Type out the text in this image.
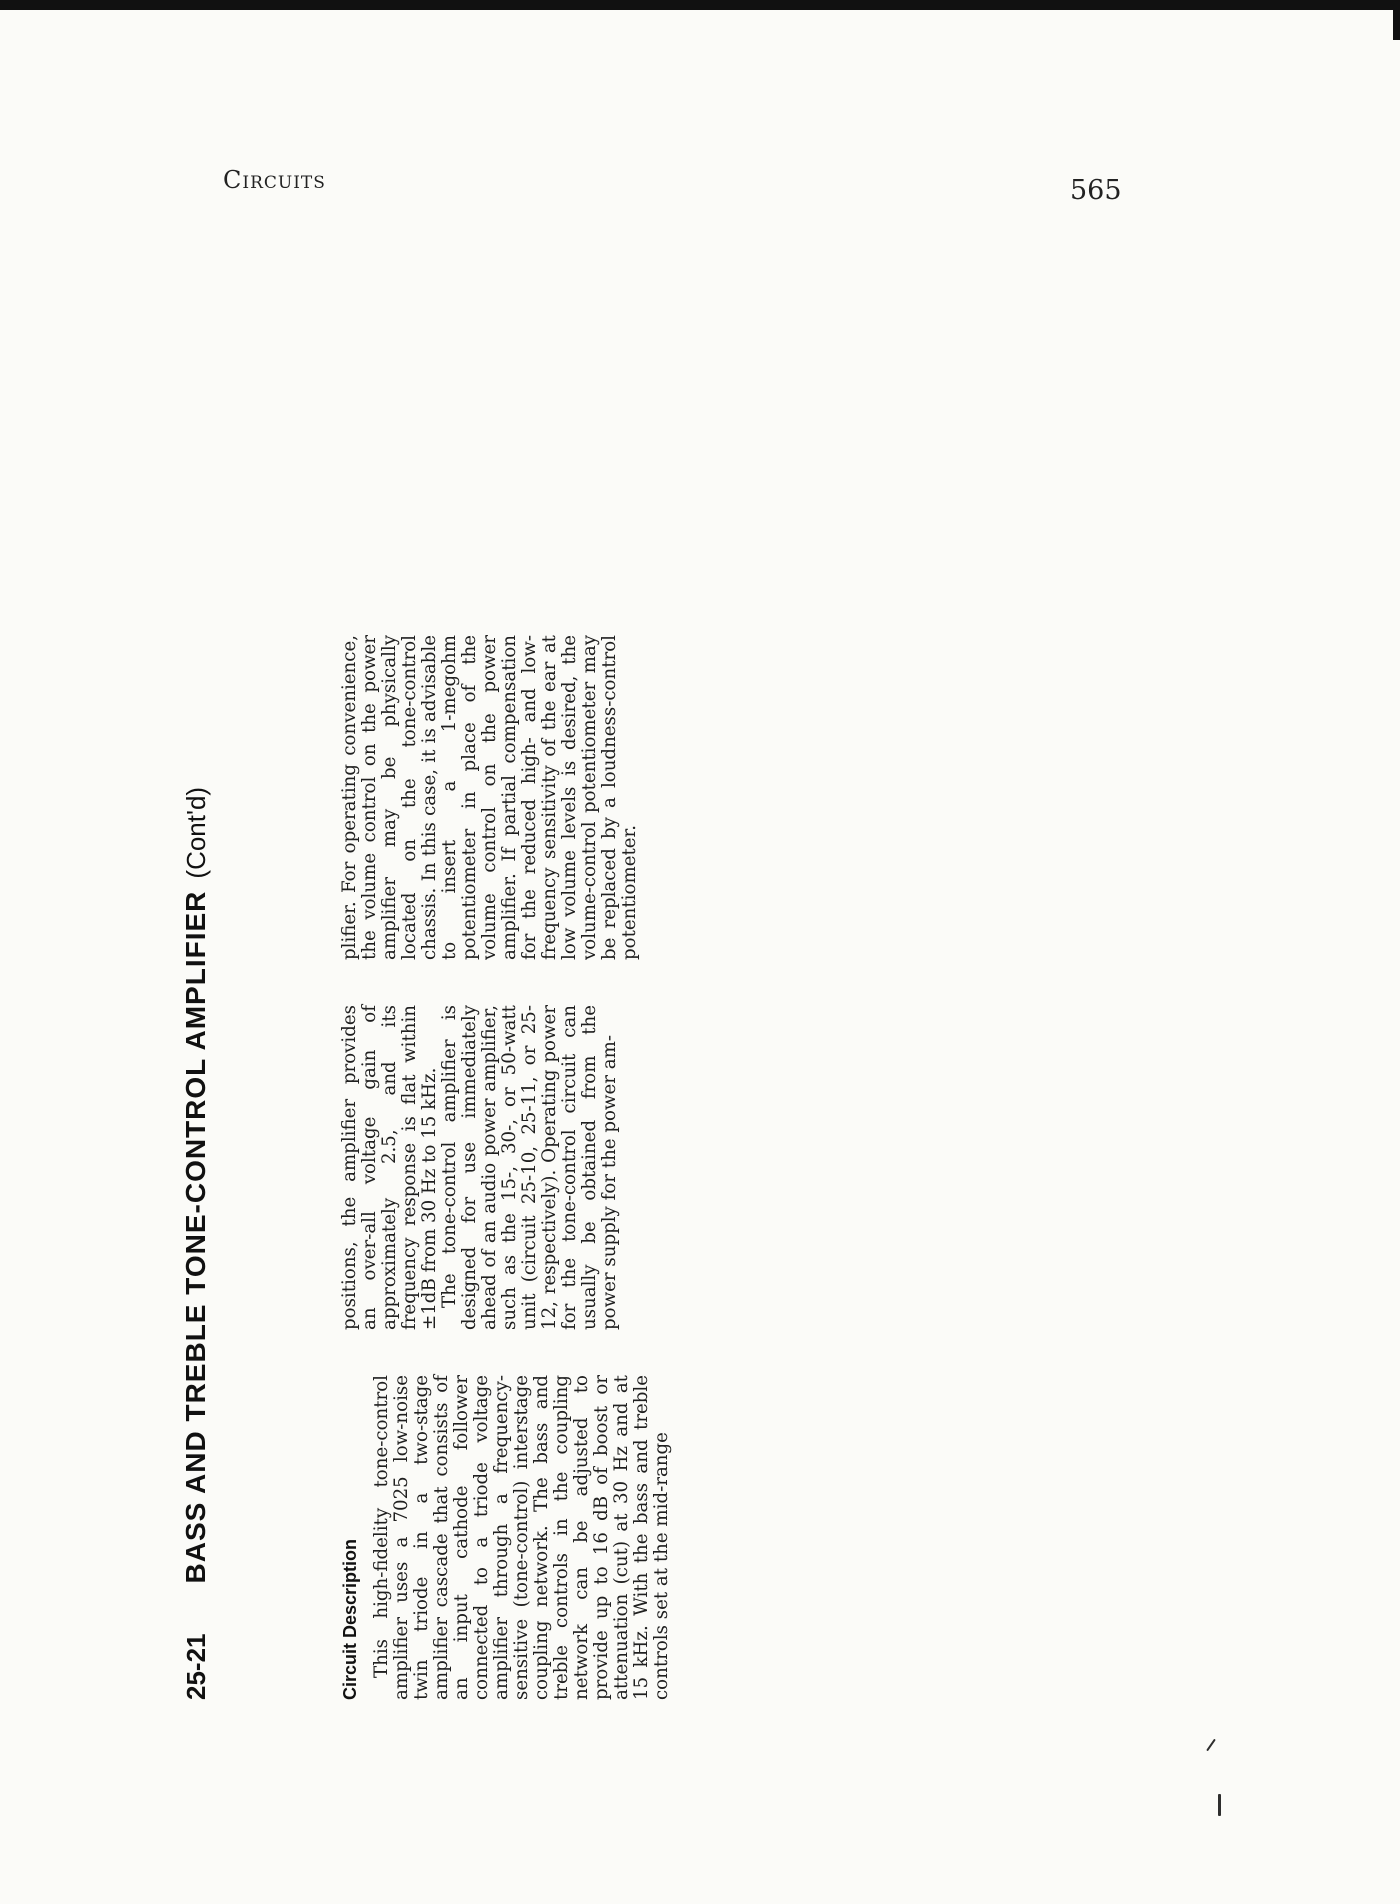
Circuits	565
25-21
BASS AND TREBLE TONE-CONTROL AMPLIFIER(Cont'd)
Circuit Description This high-fidelity tone-control amplifier uses a 7025 low-noise twin triode in a two-stage amplifier cascade that consists of an input cathode follower connected to a triode voltage amplifier through a frequency-sensitive (tone-control) interstage coupling network. The bass and treble controls in the coupling network can be adjusted to provide up to 16 dB of boost or attenuation (cut) at 30 Hz and at 15 kHz. With the bass and treble controls set at the mid-range

positions, the amplifier provides an over-all voltage gain of approximately 2.5, and its frequency response is flat within ±1dB from 30 Hz to 15 kHz. The tone-control amplifier is designed for use immediately ahead of an audio power amplifier, such as the 15-, 30-, or 50-watt unit (circuit 25-10, 25-11, or 25-12, respectively). Operating power for the tone-control circuit can usually be obtained from the power supply for the power am-

plifier. For operating convenience, the volume control on the power amplifier may be physically located on the tone-control chassis. In this case, it is advisable to insert a 1-megohm potentiometer in place of the volume control on the power amplifier. If partial compensation for the reduced high- and low-frequency sensitivity of the ear at low volume levels is desired, the volume-control potentiometer may be replaced by a loudness-control potentiometer.
